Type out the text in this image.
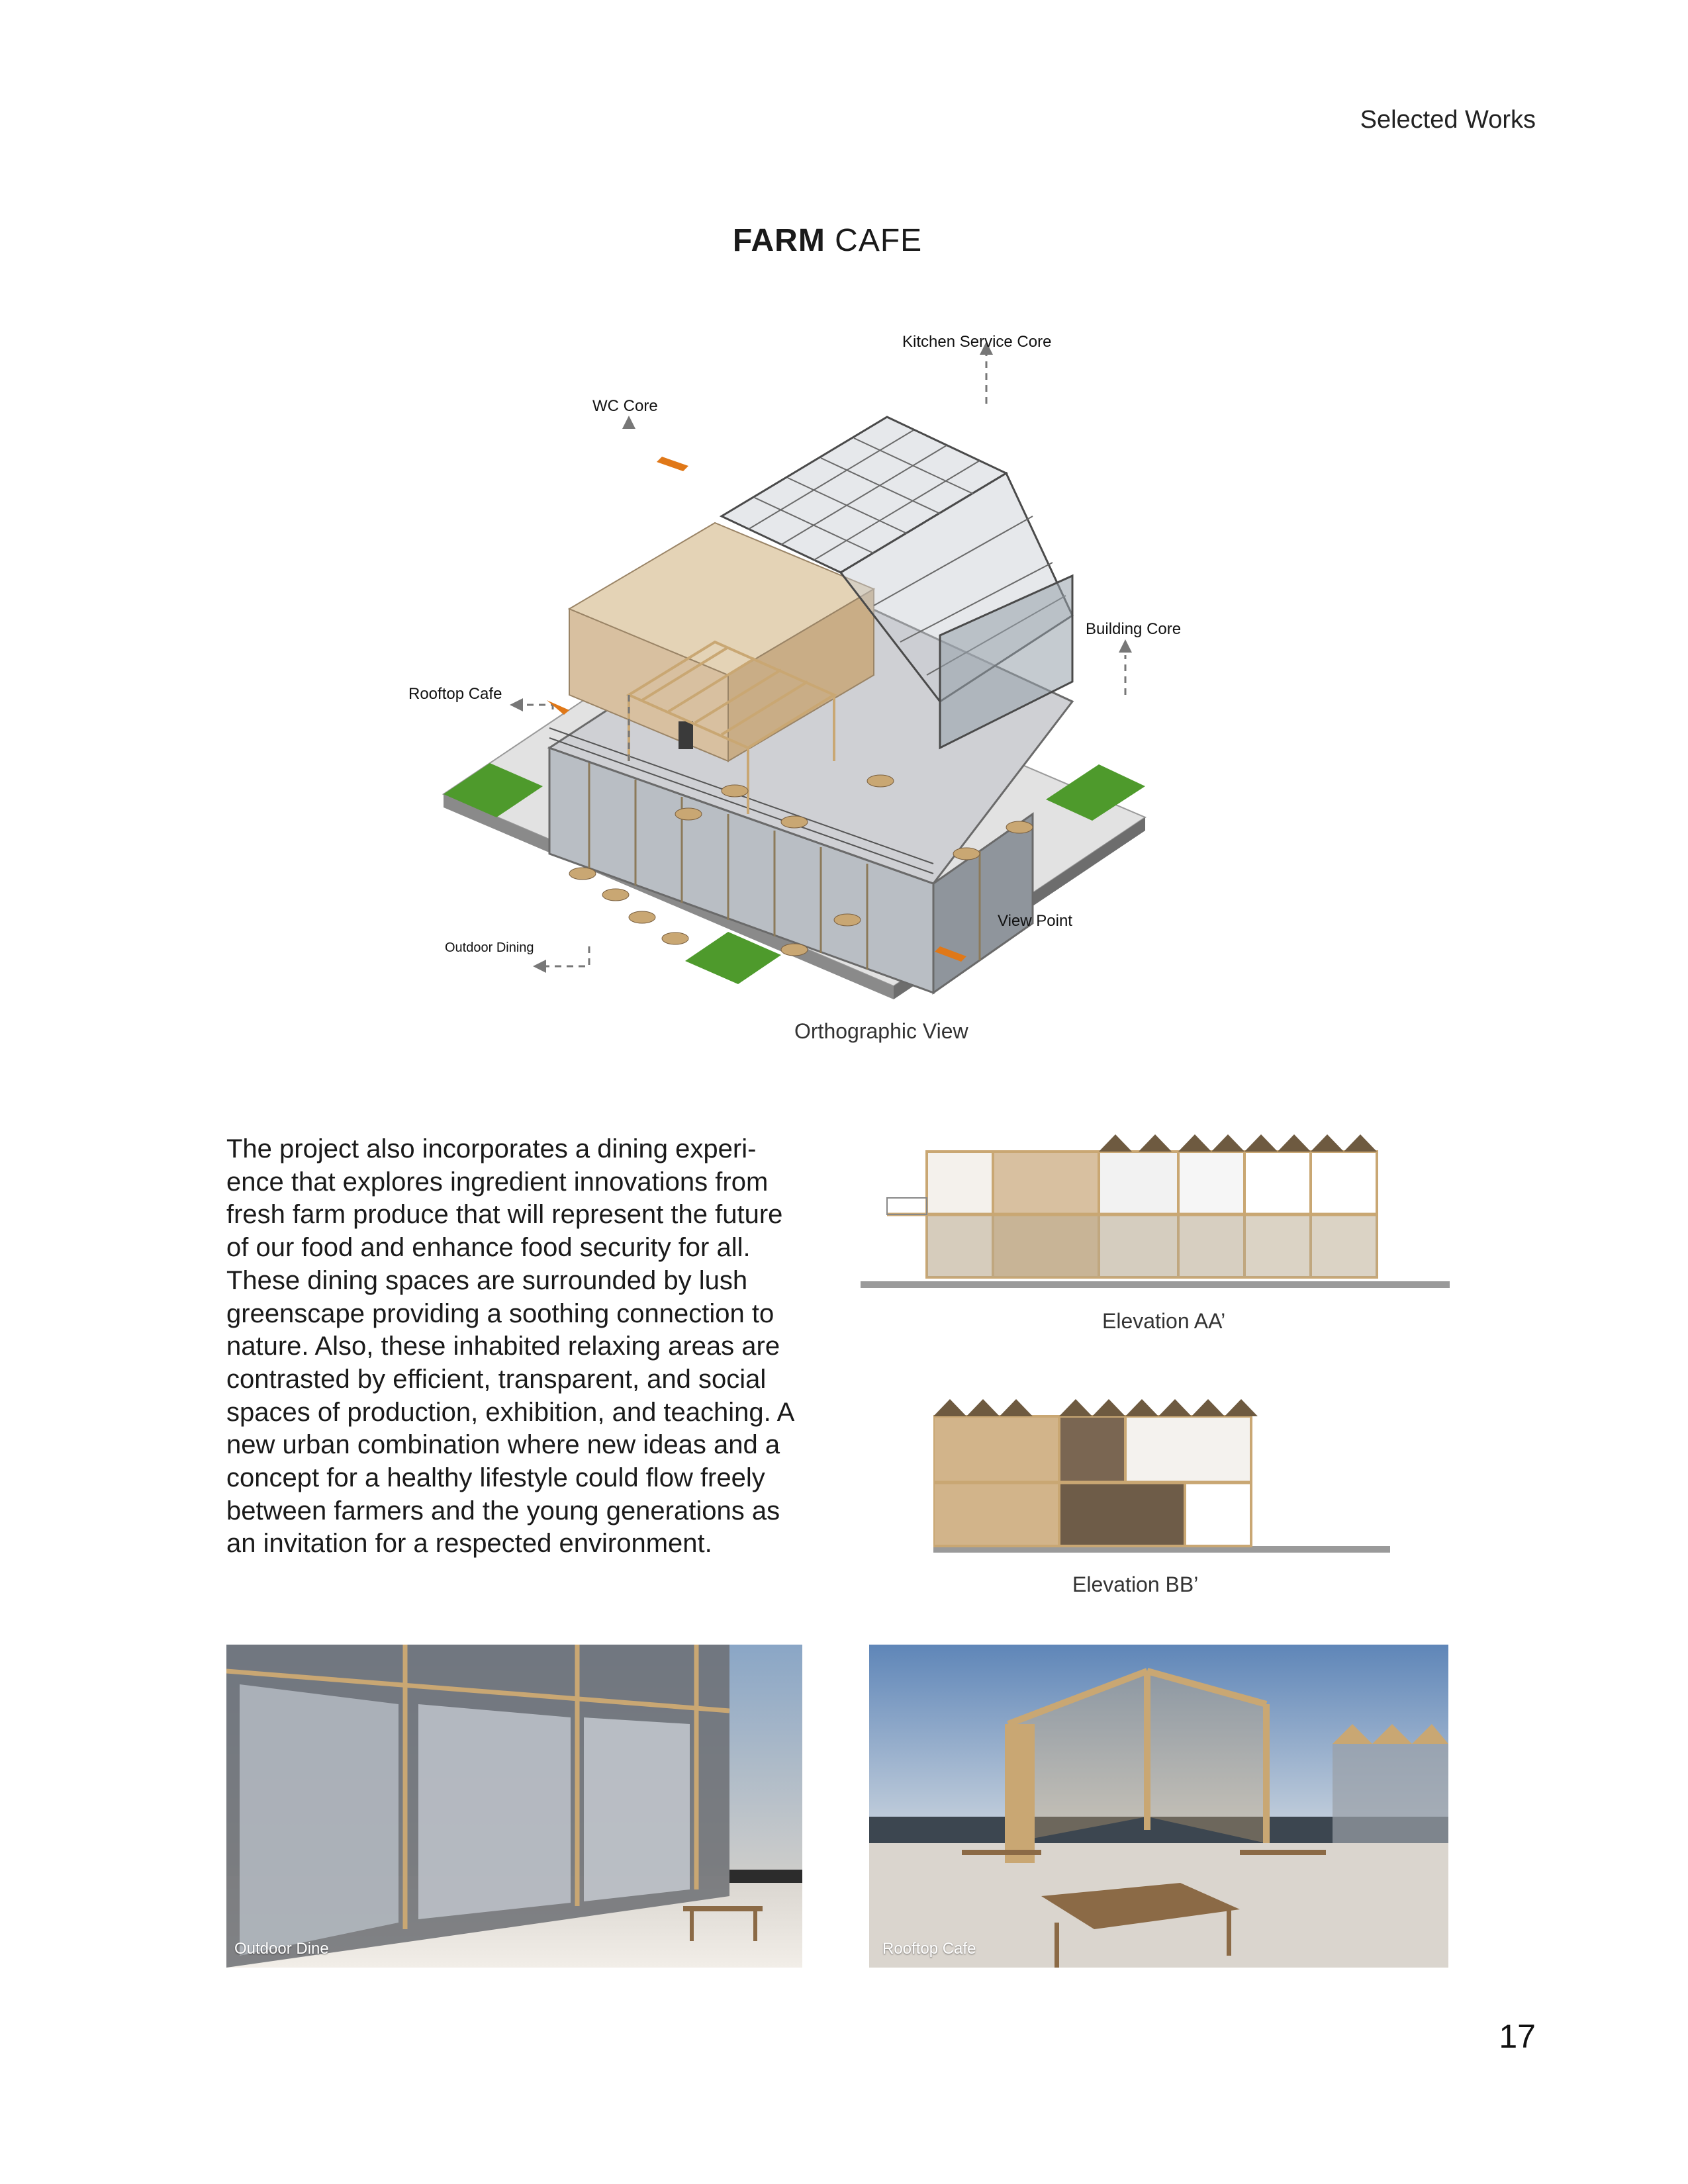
Selected Works
FARM CAFE
Kitchen Service Core
WC Core
Building Core
Rooftop Cafe
View Point
Outdoor Dining
Orthographic View
The project also incorporates a dining experi- ence that explores ingredient innovations from fresh farm produce that will represent the future of our food and enhance food security for all. These dining spaces are surrounded by lush greenscape providing a soothing connection to nature. Also, these inhabited relaxing areas are contrasted by efficient, transparent, and social spaces of production, exhibition, and teaching. A new urban combination where new ideas and a concept for a healthy lifestyle could flow freely between farmers and the young generations as an invitation for a respected environment.
Elevation AA’
Elevation BB’
Outdoor Dine	Rooftop Cafe
17
